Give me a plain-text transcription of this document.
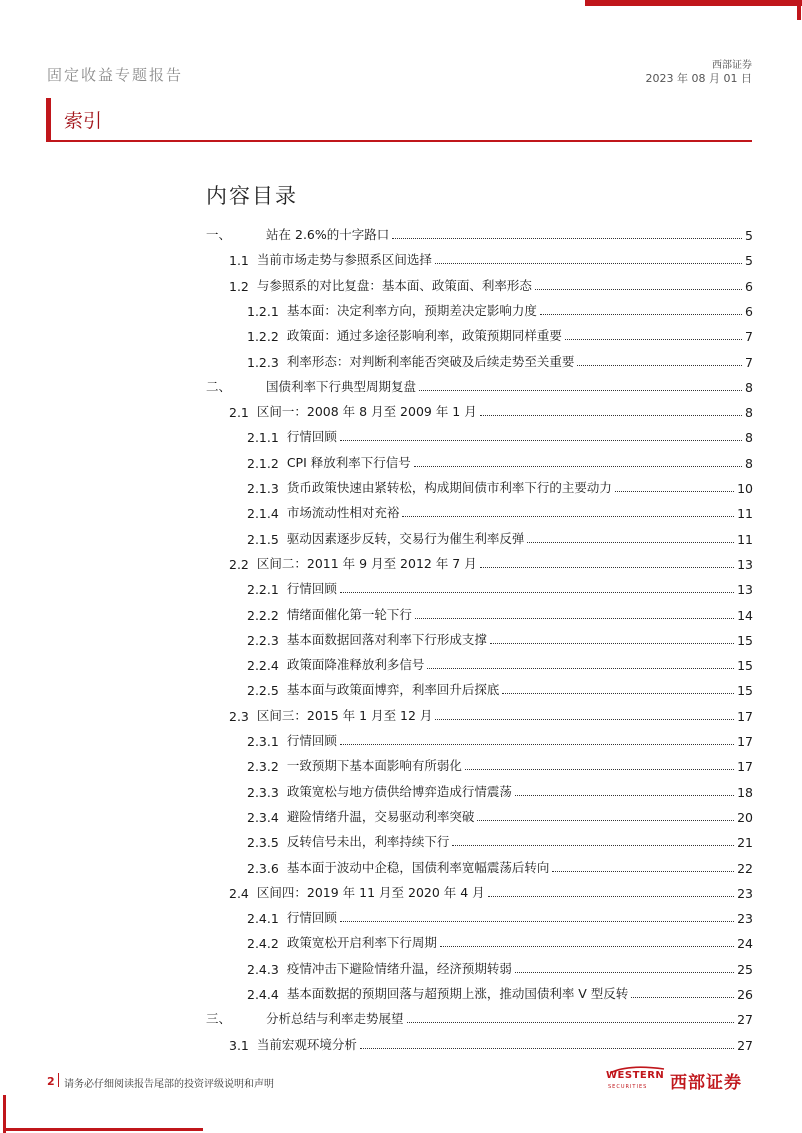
固定收益专题报告
西部证券
2023 年 08 月 01 日
索引
内容目录
一、	站在 2.6%的十字路口	5
1.1 当前市场走势与参照系区间选择	5
1.2 与参照系的对比复盘：基本面、政策面、利率形态	6
1.2.1 基本面：决定利率方向，预期差决定影响力度	6
1.2.2 政策面：通过多途径影响利率，政策预期同样重要	7
1.2.3 利率形态：对判断利率能否突破及后续走势至关重要	7
二、	国债利率下行典型周期复盘	8
2.1 区间一：2008 年 8 月至 2009 年 1 月	8
2.1.1 行情回顾	8
2.1.2 CPI 释放利率下行信号	8
2.1.3 货币政策快速由紧转松，构成期间债市利率下行的主要动力	10
2.1.4 市场流动性相对充裕	11
2.1.5 驱动因素逐步反转，交易行为催生利率反弹	11
2.2 区间二：2011 年 9 月至 2012 年 7 月	13
2.2.1 行情回顾	13
2.2.2 情绪面催化第一轮下行	14
2.2.3 基本面数据回落对利率下行形成支撑	15
2.2.4 政策面降准释放利多信号	15
2.2.5 基本面与政策面博弈，利率回升后探底	15
2.3 区间三：2015 年 1 月至 12 月	17
2.3.1 行情回顾	17
2.3.2 一致预期下基本面影响有所弱化	17
2.3.3 政策宽松与地方债供给博弈造成行情震荡	18
2.3.4 避险情绪升温，交易驱动利率突破	20
2.3.5 反转信号未出，利率持续下行	21
2.3.6 基本面于波动中企稳，国债利率宽幅震荡后转向	22
2.4 区间四：2019 年 11 月至 2020 年 4 月	23
2.4.1 行情回顾	23
2.4.2 政策宽松开启利率下行周期	24
2.4.3 疫情冲击下避险情绪升温，经济预期转弱	25
2.4.4 基本面数据的预期回落与超预期上涨，推动国债利率 V 型反转	26
三、	分析总结与利率走势展望	27
3.1 当前宏观环境分析	27
2 请务必仔细阅读报告尾部的投资评级说明和声明
WESTERN
SECURITIES 西部证券
